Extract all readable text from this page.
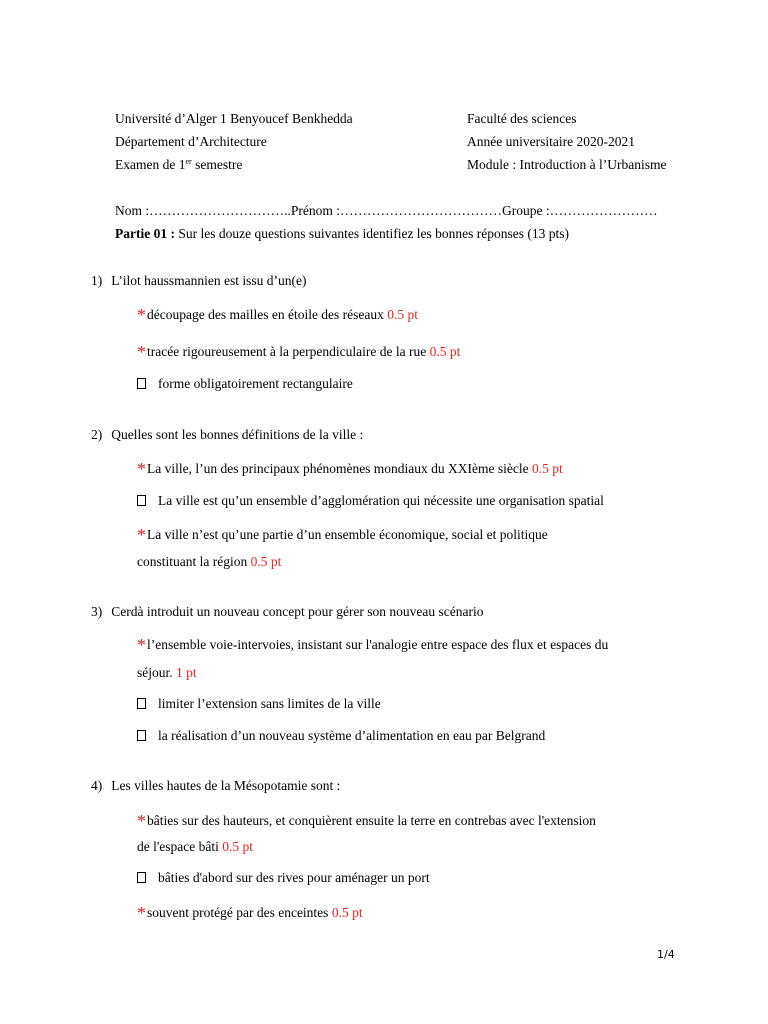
Université d’Alger 1 Benyoucef Benkhedda
Département d’Architecture
Examen de 1er semestre
Faculté des sciences
Année universitaire 2020-2021
Module : Introduction à l’Urbanisme
Nom :…………………………..Prénom :………………………………Groupe :……………………
Partie 01 : Sur les douze questions suivantes identifiez les bonnes réponses (13 pts)
1) L’ilot haussmannien est issu d’un(e)
*découpage des mailles en étoile des réseaux 0.5 pt
*tracée rigoureusement à la perpendiculaire de la rue 0.5 pt
forme obligatoirement rectangulaire
2) Quelles sont les bonnes définitions de la ville :
*La ville, l’un des principaux phénomènes mondiaux du XXIème siècle 0.5 pt
La ville est qu’un ensemble d’agglomération qui nécessite une organisation spatial
*La ville n’est qu’une partie d’un ensemble économique, social et politique
constituant la région 0.5 pt
3) Cerdà introduit un nouveau concept pour gérer son nouveau scénario
*l’ensemble voie-intervoies, insistant sur l'analogie entre espace des flux et espaces du
séjour. 1 pt
limiter l’extension sans limites de la ville
la réalisation d’un nouveau système d’alimentation en eau par Belgrand
4) Les villes hautes de la Mésopotamie sont :
*bâties sur des hauteurs, et conquièrent ensuite la terre en contrebas avec l'extension
de l'espace bâti 0.5 pt
bâties d'abord sur des rives pour aménager un port
*souvent protégé par des enceintes 0.5 pt
1/4
